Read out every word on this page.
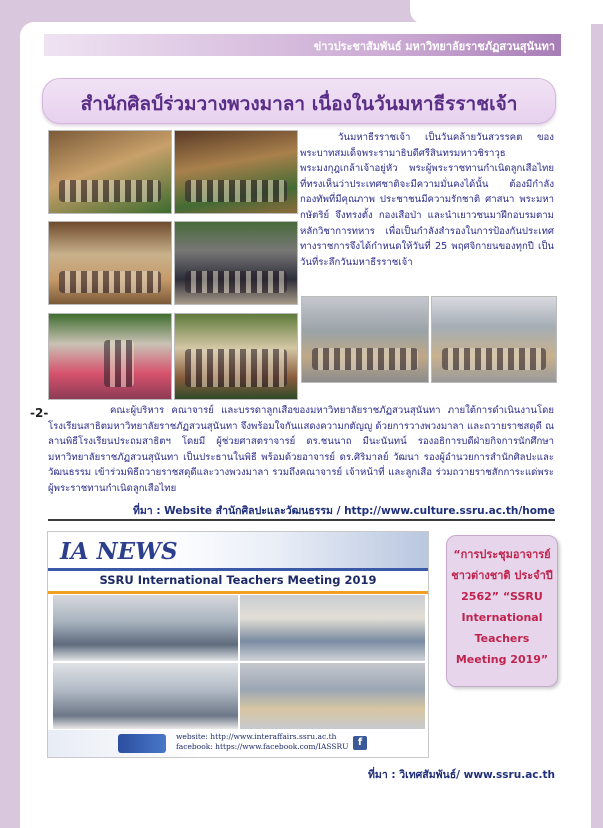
ข่าวประชาสัมพันธ์ มหาวิทยาลัยราชภัฏสวนสุนันทา
สำนักศิลป์ร่วมวางพวงมาลา เนื่องในวันมหาธีรราชเจ้า
วันมหาธีรราชเจ้า เป็นวันคล้ายวันสวรรคต ของพระบาทสมเด็จพระรามาธิบดีศรีสินทรมหาวชิราวุธ พระมงกุฎเกล้าเจ้าอยู่หัว พระผู้พระราชทานกำเนิดลูกเสือไทย ที่ทรงเห็นว่าประเทศชาติจะมีความมั่นคงได้นั้น ต้องมีกำลังกองทัพที่มีคุณภาพ ประชาชนมีความรักชาติ ศาสนา พระมหากษัตริย์ จึงทรงตั้ง กองเสือป่า และนำเยาวชนมาฝึกอบรมตามหลักวิชาการทหาร เพื่อเป็นกำลังสำรองในการป้องกันประเทศ ทางราชการจึงได้กำหนดให้วันที่ 25 พฤศจิกายนของทุกปี เป็นวันที่ระลึกวันมหาธีรราชเจ้า
-2-	คณะผู้บริหาร คณาจารย์ และบรรดาลูกเสือของมหาวิทยาลัยราชภัฏสวนสุนันทา ภายใต้การดำเนินงานโดย โรงเรียนสาธิตมหาวิทยาลัยราชภัฏสวนสุนันทา จึงพร้อมใจกันแสดงความกตัญญู ด้วยการวางพวงมาลา และถวายราชสดุดี ณ ลานพิธีโรงเรียนประถมสาธิตฯ โดยมี ผู้ช่วยศาสตราจารย์ ดร.ชนนาถ มีนะนันทน์ รองอธิการบดีฝ่ายกิจการนักศึกษา มหาวิทยาลัยราชภัฏสวนสุนันทา เป็นประธานในพิธี พร้อมด้วยอาจารย์ ดร.ศิริมาลย์ วัฒนา รองผู้อำนวยการสำนักศิลปะและวัฒนธรรม เข้าร่วมพิธีถวายราชสดุดีและวางพวงมาลา รวมถึงคณาจารย์ เจ้าหน้าที่ และลูกเสือ ร่วมถวายราชสักการะแด่พระผู้พระราชทานกำเนิดลูกเสือไทย
ที่มา : Website สำนักศิลปะและวัฒนธรรม / http://www.culture.ssru.ac.th/home
IA NEWS
SSRU International Teachers Meeting 2019
website: http://www.interaffairs.ssru.ac.th
facebook: https://www.facebook.com/IASSRU f
“การประชุมอาจารย์ชาวต่างชาติ ประจำปี 2562” “SSRU International Teachers Meeting 2019”
ที่มา : วิเทศสัมพันธ์/ www.ssru.ac.th
